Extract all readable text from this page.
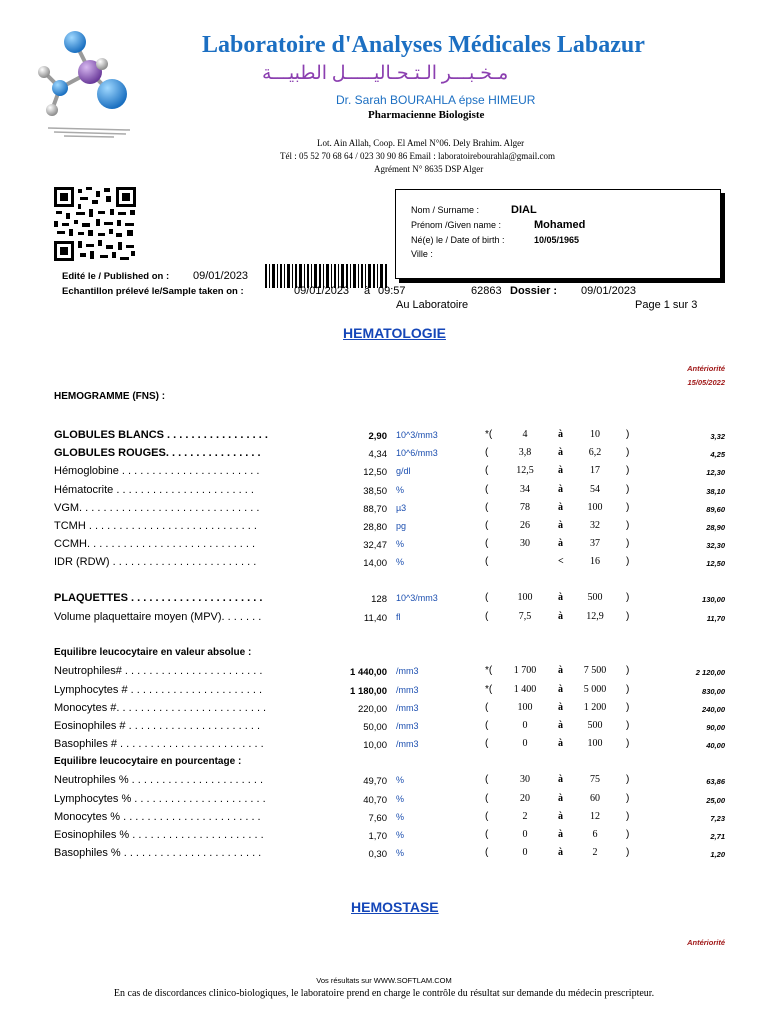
Laboratoire d'Analyses Médicales Labazur
مـخـبـــر الـتـحـاليـــــل الطبيـــة
Dr. Sarah BOURAHLA épse HIMEUR
Pharmacienne Biologiste
Lot. Ain Allah, Coop. El Amel N°06. Dely Brahim. Alger
Tél : 05 52 70 68 64 / 023 30 90 86 Email : laboratoirebourahla@gmail.com
Agrément N° 8635 DSP Alger
Nom / Surname :	DIAL
Prénom /Given name :	Mohamed
Né(e) le / Date of birth :	10/05/1965
Ville :
Edité le / Published on : 09/01/2023
Echantillon prélevé le/Sample taken on :	09/01/2023 à 09:57	62863 Dossier : 09/01/2023
Au Laboratoire	Page 1 sur 3
HEMATOLOGIE
Antériorité
15/05/2022
HEMOGRAMME (FNS) :
Equilibre leucocytaire en valeur absolue :
Equilibre leucocytaire en pourcentage :
GLOBULES BLANCS . . . . . . . . . . . . . . . . .	2,90 10^3/mm3	*(	4	à	10	)	3,32
GLOBULES ROUGES. . . . . . . . . . . . . . . .	4,34 10^6/mm3	(	3,8	à	6,2	)	4,25
Hémoglobine . . . . . . . . . . . . . . . . . . . . . . .	12,50 g/dl	(	12,5	à	17	)	12,30
Hématocrite . . . . . . . . . . . . . . . . . . . . . . .	38,50 %	(	34	à	54	)	38,10
VGM. . . . . . . . . . . . . . . . . . . . . . . . . . . . . .	88,70 µ3	(	78	à	100	)	89,60
TCMH . . . . . . . . . . . . . . . . . . . . . . . . . . . .	28,80 pg	(	26	à	32	)	28,90
CCMH. . . . . . . . . . . . . . . . . . . . . . . . . . . .	32,47 %	(	30	à	37	)	32,30
IDR (RDW) . . . . . . . . . . . . . . . . . . . . . . . .	14,00 %	(	<	16	)	12,50
PLAQUETTES . . . . . . . . . . . . . . . . . . . . . .	128 10^3/mm3	(	100	à	500	)	130,00
Volume plaquettaire moyen (MPV). . . . . . .	11,40 fl	(	7,5	à	12,9	)	11,70
Neutrophiles# . . . . . . . . . . . . . . . . . . . . . . .	1 440,00 /mm3	*(	1 700	à	7 500	)	2 120,00
Lymphocytes # . . . . . . . . . . . . . . . . . . . . . .	1 180,00 /mm3	*(	1 400	à	5 000	)	830,00
Monocytes #. . . . . . . . . . . . . . . . . . . . . . . . .	220,00 /mm3	(	100	à	1 200	)	240,00
Eosinophiles # . . . . . . . . . . . . . . . . . . . . . .	50,00 /mm3	(	0	à	500	)	90,00
Basophiles # . . . . . . . . . . . . . . . . . . . . . . . .	10,00 /mm3	(	0	à	100	)	40,00
Neutrophiles % . . . . . . . . . . . . . . . . . . . . . .	49,70 %	(	30	à	75	)	63,86
Lymphocytes % . . . . . . . . . . . . . . . . . . . . . .	40,70 %	(	20	à	60	)	25,00
Monocytes % . . . . . . . . . . . . . . . . . . . . . . .	7,60 %	(	2	à	12	)	7,23
Eosinophiles % . . . . . . . . . . . . . . . . . . . . . .	1,70 %	(	0	à	6	)	2,71
Basophiles % . . . . . . . . . . . . . . . . . . . . . . .	0,30 %	(	0	à	2	)	1,20
HEMOSTASE
Antériorité
Vos résultats sur WWW.SOFTLAM.COM
En cas de discordances clinico-biologiques, le laboratoire prend en charge le contrôle du résultat sur demande du médecin prescripteur.
